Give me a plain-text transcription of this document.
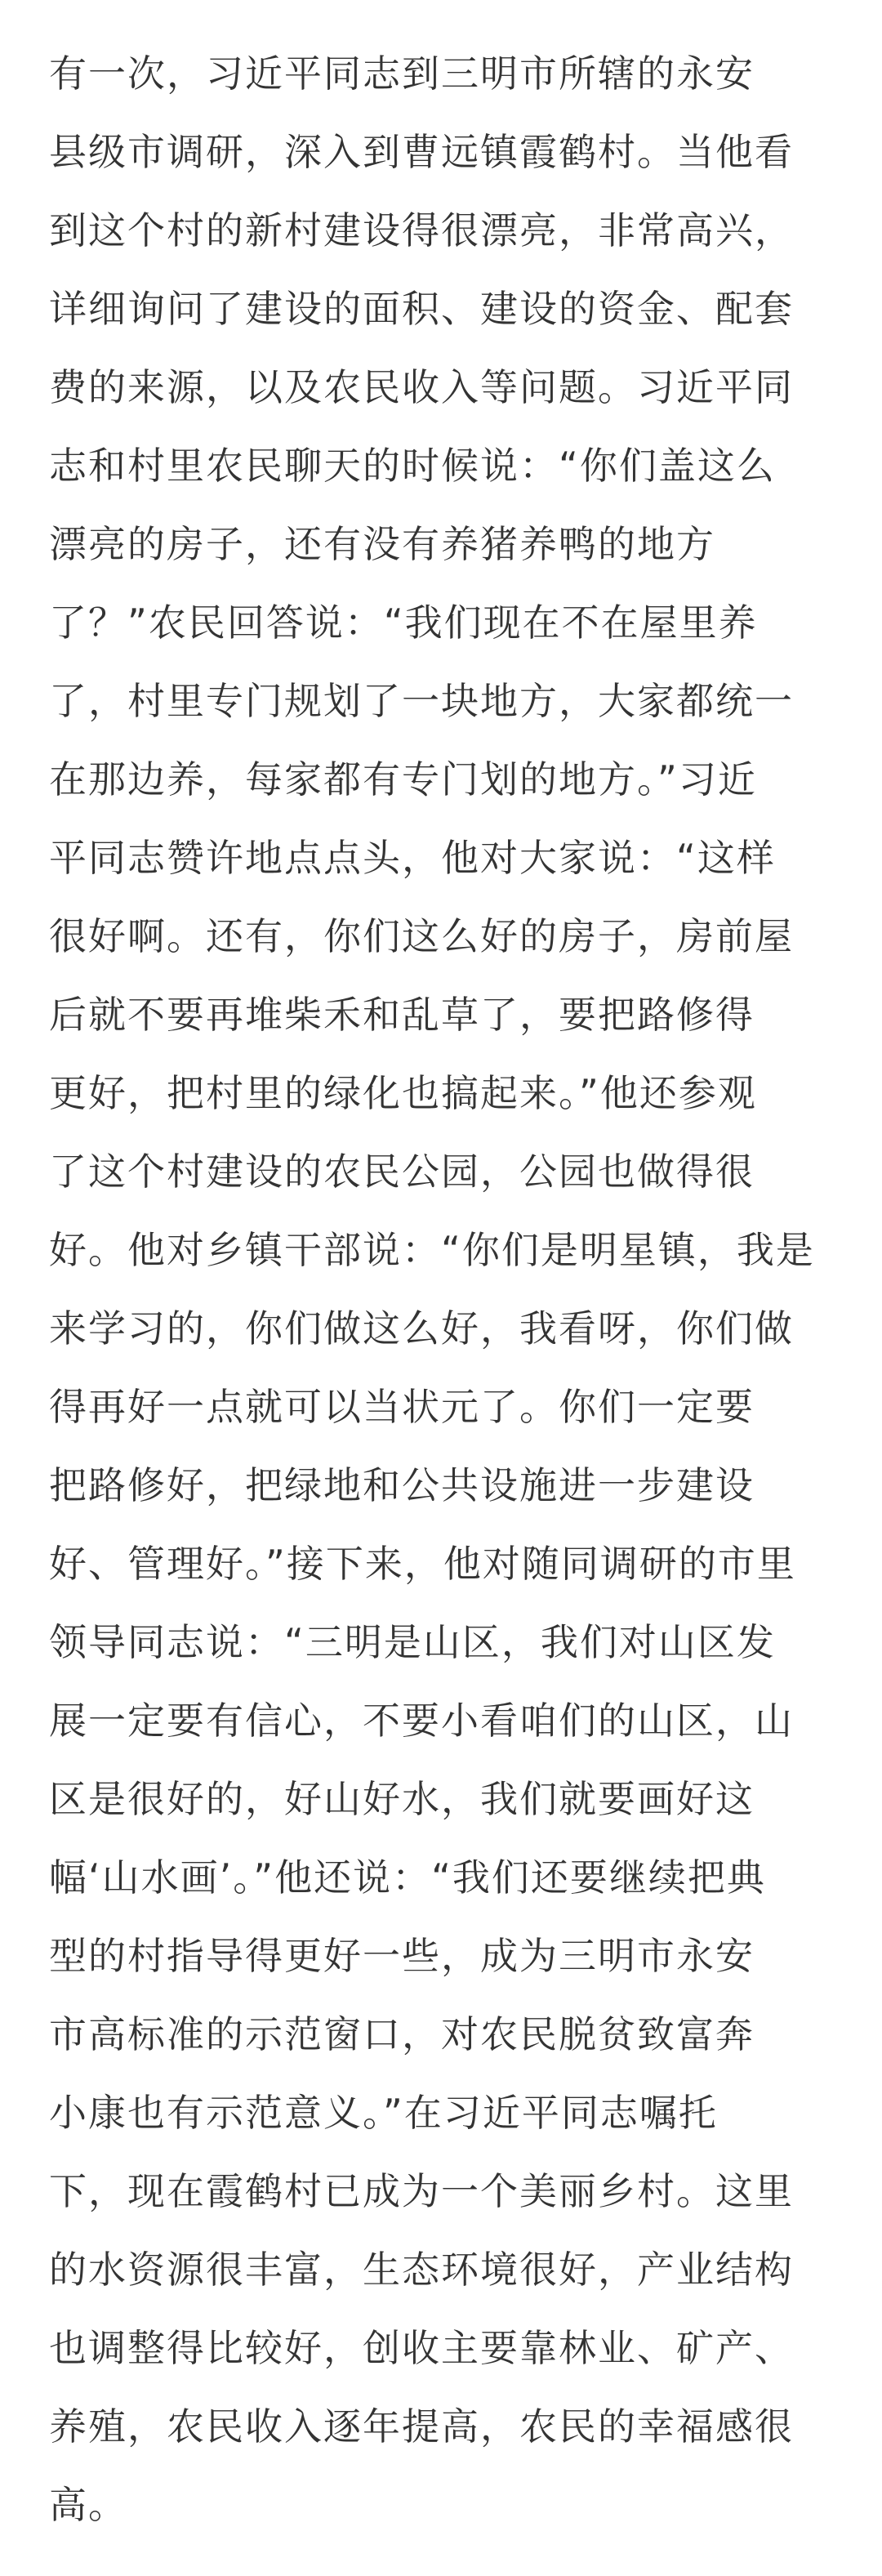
有一次，习近平同志到三明市所辖的永安
县级市调研，深入到曹远镇霞鹤村。当他看
到这个村的新村建设得很漂亮，非常高兴，
详细询问了建设的面积、建设的资金、配套
费的来源，以及农民收入等问题。习近平同
志和村里农民聊天的时候说：“你们盖这么
漂亮的房子，还有没有养猪养鸭的地方
了？”农民回答说：“我们现在不在屋里养
了，村里专门规划了一块地方，大家都统一
在那边养，每家都有专门划的地方。”习近
平同志赞许地点点头，他对大家说：“这样
很好啊。还有，你们这么好的房子，房前屋
后就不要再堆柴禾和乱草了，要把路修得
更好，把村里的绿化也搞起来。”他还参观
了这个村建设的农民公园，公园也做得很
好。他对乡镇干部说：“你们是明星镇，我是
来学习的，你们做这么好，我看呀，你们做
得再好一点就可以当状元了。你们一定要
把路修好，把绿地和公共设施进一步建设
好、管理好。”接下来，他对随同调研的市里
领导同志说：“三明是山区，我们对山区发
展一定要有信心，不要小看咱们的山区，山
区是很好的，好山好水，我们就要画好这
幅‘山水画’。”他还说：“我们还要继续把典
型的村指导得更好一些，成为三明市永安
市高标准的示范窗口，对农民脱贫致富奔
小康也有示范意义。”在习近平同志嘱托
下，现在霞鹤村已成为一个美丽乡村。这里
的水资源很丰富，生态环境很好，产业结构
也调整得比较好，创收主要靠林业、矿产、
养殖，农民收入逐年提高，农民的幸福感很
高。
